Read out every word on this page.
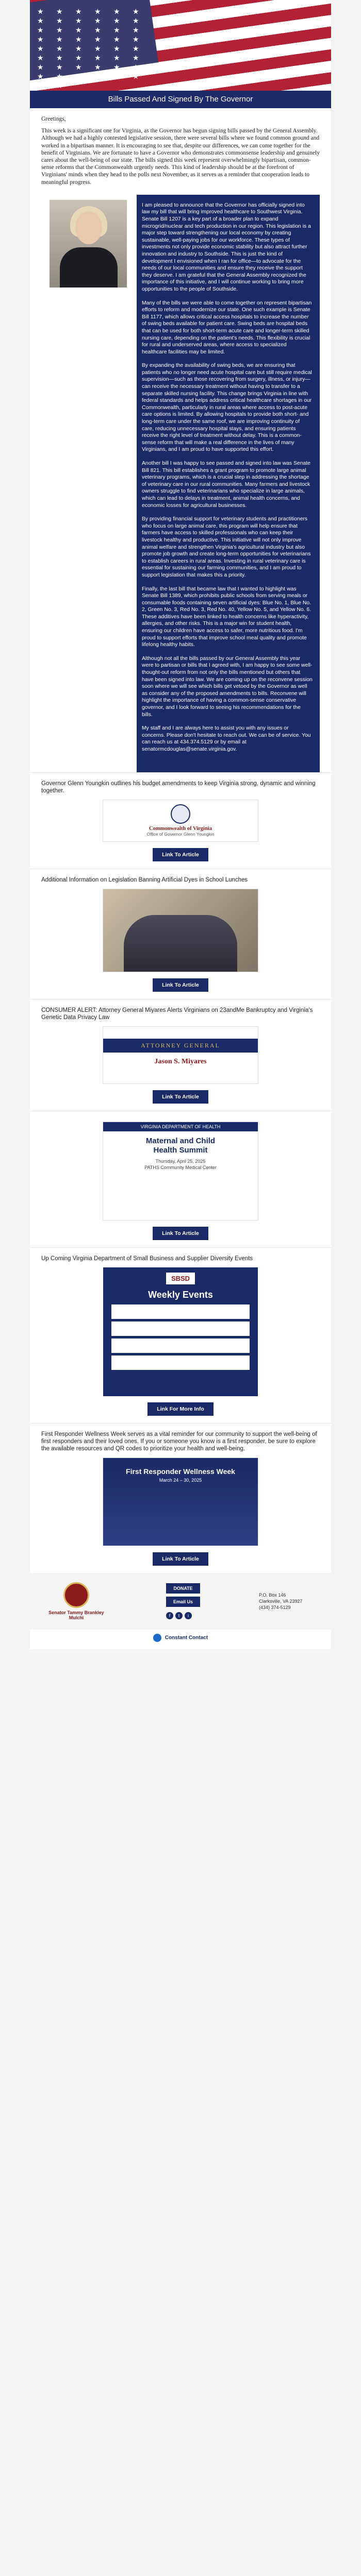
★ ★ ★ ★ ★ ★ ★ ★ ★ ★ ★ ★ ★ ★ ★ ★ ★ ★ ★ ★ ★ ★ ★ ★ ★ ★ ★ ★ ★ ★ ★ ★ ★ ★ ★ ★ ★ ★ ★ ★ ★ ★ ★ ★ ★ ★ ★ ★ ★ ★
Bills Passed And Signed By The Governor

Greetings,

This week is a significant one for Virginia, as the Governor has begun signing bills passed by the General Assembly. Although we had a highly contested legislative session, there were several bills where we found common ground and worked in a bipartisan manner. It is encouraging to see that, despite our differences, we can come together for the benefit of Virginians. We are fortunate to have a Governor who demonstrates commonsense leadership and genuinely cares about the well-being of our state. The bills signed this week represent overwhelmingly bipartisan, common-sense reforms that the Commonwealth urgently needs. This kind of leadership should be at the forefront of Virginians' minds when they head to the polls next November, as it serves as a reminder that cooperation leads to meaningful progress.

I am pleased to announce that the Governor has officially signed into law my bill that will bring improved healthcare to Southwest Virginia. Senate Bill 1207 is a key part of a broader plan to expand microgrid/nuclear and tech production in our region. This legislation is a major step toward strengthening our local economy by creating sustainable, well-paying jobs for our workforce. These types of investments not only provide economic stability but also attract further innovation and industry to Southside. This is just the kind of development I envisioned when I ran for office—to advocate for the needs of our local communities and ensure they receive the support they deserve. I am grateful that the General Assembly recognized the importance of this initiative, and I will continue working to bring more opportunities to the people of Southside.

Many of the bills we were able to come together on represent bipartisan efforts to reform and modernize our state. One such example is Senate Bill 1177, which allows critical access hospitals to increase the number of swing beds available for patient care. Swing beds are hospital beds that can be used for both short-term acute care and longer-term skilled nursing care, depending on the patient's needs. This flexibility is crucial for rural and underserved areas, where access to specialized healthcare facilities may be limited.

By expanding the availability of swing beds, we are ensuring that patients who no longer need acute hospital care but still require medical supervision—such as those recovering from surgery, illness, or injury—can receive the necessary treatment without having to transfer to a separate skilled nursing facility. This change brings Virginia in line with federal standards and helps address critical healthcare shortages in our Commonwealth, particularly in rural areas where access to post-acute care options is limited. By allowing hospitals to provide both short- and long-term care under the same roof, we are improving continuity of care, reducing unnecessary hospital stays, and ensuring patients receive the right level of treatment without delay. This is a common-sense reform that will make a real difference in the lives of many Virginians, and I am proud to have supported this effort.

Another bill I was happy to see passed and signed into law was Senate Bill 821. This bill establishes a grant program to promote large animal veterinary programs, which is a crucial step in addressing the shortage of veterinary care in our rural communities. Many farmers and livestock owners struggle to find veterinarians who specialize in large animals, which can lead to delays in treatment, animal health concerns, and economic losses for agricultural businesses.

By providing financial support for veterinary students and practitioners who focus on large animal care, this program will help ensure that farmers have access to skilled professionals who can keep their livestock healthy and productive. This initiative will not only improve animal welfare and strengthen Virginia's agricultural industry but also promote job growth and create long-term opportunities for veterinarians to establish careers in rural areas. Investing in rural veterinary care is essential for sustaining our farming communities, and I am proud to support legislation that makes this a priority.

Finally, the last bill that became law that I wanted to highlight was Senate Bill 1389, which prohibits public schools from serving meals or consumable foods containing seven artificial dyes: Blue No. 1, Blue No. 2, Green No. 3, Red No. 3, Red No. 40, Yellow No. 5, and Yellow No. 6. These additives have been linked to health concerns like hyperactivity, allergies, and other risks. This is a major win for student health, ensuring our children have access to safer, more nutritious food. I'm proud to support efforts that improve school meal quality and promote lifelong healthy habits.

Although not all the bills passed by our General Assembly this year were to partisan or bills that I agreed with, I am happy to see some well-thought-out reform from not only the bills mentioned but others that have been signed into law. We are coming up on the reconvene session soon where we will see which bills get vetoed by the Governor as well as consider any of the proposed amendments to bills. Reconvene will highlight the importance of having a common-sense conservative governor, and I look forward to seeing his recommendations for the bills.

My staff and I are always here to assist you with any issues or concerns. Please don't hesitate to reach out. We can be of service. You can reach us at 434.374.5129 or by email at senatormcdouglas@senate.virginia.gov.

Governor Glenn Youngkin outlines his budget amendments to keep Virginia strong, dynamic and winning together.

Commonwealth of Virginia
Office of Governor Glenn Youngkin
Link To Article

Additional Information on Legislation Banning Artificial Dyes in School Lunches

Link To Article

CONSUMER ALERT: Attorney General Miyares Alerts Virginians on 23andMe Bankruptcy and Virginia's Genetic Data Privacy Law

ATTORNEY GENERAL
Jason S. Miyares
Link To Article
VIRGINIA DEPARTMENT OF HEALTH
Maternal and Child
Health Summit
Thursday, April 25, 2025
PATHS Community Medical Center
Link To Article

Up Coming Virginia Department of Small Business and Supplier Diversity Events

SBSD
Weekly Events
Link For More Info

First Responder Wellness Week serves as a vital reminder for our community to support the well-being of first responders and their loved ones. If you or someone you know is a first responder, be sure to explore the available resources and QR codes to prioritize your health and well-being.

First Responder Wellness Week
March 24 – 30, 2025
Link To Article
Senator Tammy Brankley Mulchi
DONATE
Email Us
f	t	i
P.O. Box 146
Clarksville, VA 23927
(434) 374-5129
Constant Contact
